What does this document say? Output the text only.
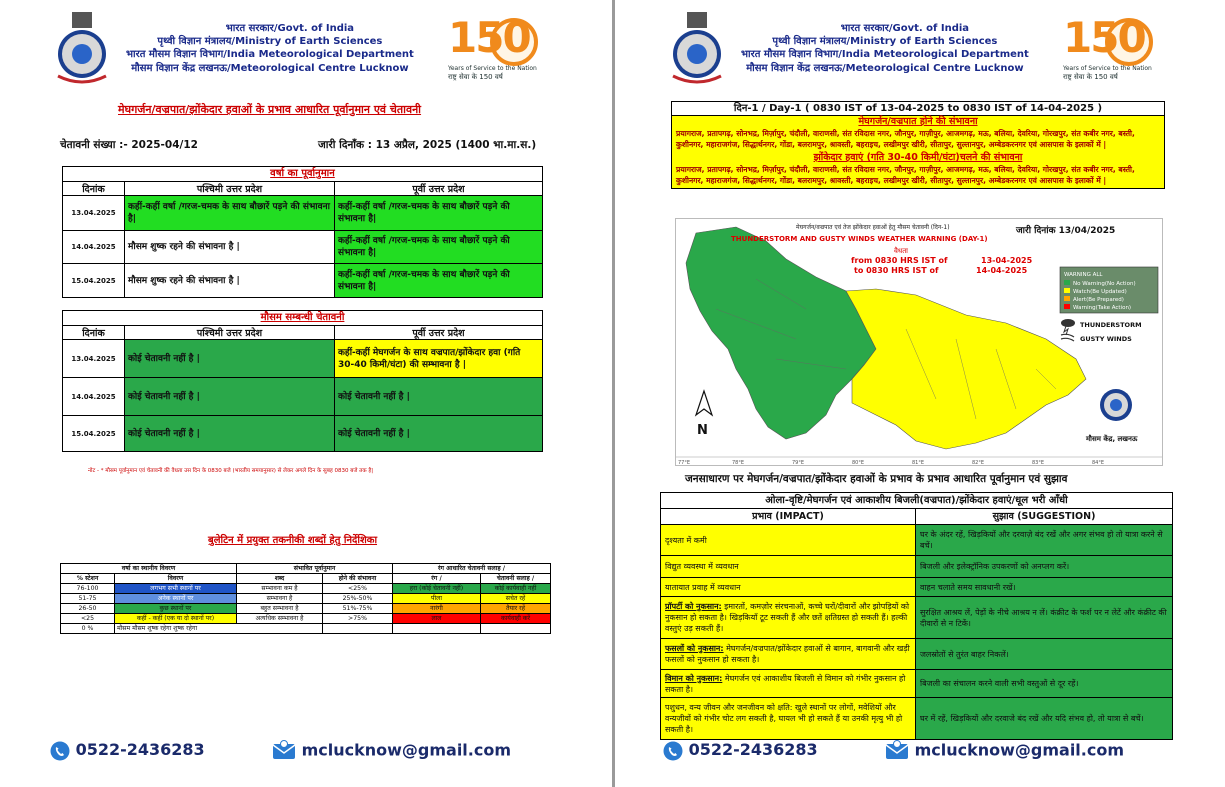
भारत सरकार/Govt. of India
पृथ्वी विज्ञान मंत्रालय/Ministry of Earth Sciences
भारत मौसम विज्ञान विभाग/India Meteorological Department
मौसम विज्ञान केंद्र लखनऊ/Meteorological Centre Lucknow
150
Years of Service to the Nation
राष्ट्र सेवा के 150 वर्ष
मेघगर्जन/वज्रपात/झोंकेदार हवाओं के प्रभाव आधारित पूर्वानुमान एवं चेतावनी
चेतावनी संख्या :- 2025-04/12	जारी दिनाँक : 13 अप्रैल, 2025 (1400 भा.मा.स.)
वर्षा का पूर्वानुमान
दिनांक	पश्चिमी उत्तर प्रदेश	पूर्वी उत्तर प्रदेश
13.04.2025	कहीं-कहीं वर्षा /गरज-चमक के साथ बौछारें पड़ने की संभावना है|	कहीं-कहीं वर्षा /गरज-चमक के साथ बौछारें पड़ने की संभावना है|
14.04.2025	मौसम शुष्क रहने की संभावना है |	कहीं-कहीं वर्षा /गरज-चमक के साथ बौछारें पड़ने की संभावना है|
15.04.2025	मौसम शुष्क रहने की संभावना है |	कहीं-कहीं वर्षा /गरज-चमक के साथ बौछारें पड़ने की संभावना है|
मौसम सम्बन्धी चेतावनी
दिनांक	पश्चिमी उत्तर प्रदेश	पूर्वी उत्तर प्रदेश
13.04.2025	कोई चेतावनी नहीं है |	कहीं-कहीं मेघगर्जन के साथ वज्रपात/झोंकेदार हवा (गति 30-40 किमी/घंटा) की सम्भावना है |
14.04.2025	कोई चेतावनी नहीं है |	कोई चेतावनी नहीं है |
15.04.2025	कोई चेतावनी नहीं है |	कोई चेतावनी नहीं है |
नोट - * मौसम पूर्वानुमान एवं चेतावनी की वैधता उस दिन के 0830 बजे (भारतीय समयानुसार) से लेकर अगले दिन के सुबह 0830 बजे तक है|
बुलेटिन में प्रयुक्त तकनीकी शब्दों हेतु निर्देशिका
वर्षा का स्थानीय विवरण		संभावित पूर्वानुमान		रंग आधारित चेतावनी सलाह /	
% स्टेशन	विवरण	शब्द	होने की संभावना	रंग /	चेतावनी सलाह /
76-100	लगभग सभी स्थानों पर	सम्भावना कम है	<25%	हरा (कोई चेतावनी नहीं)	कोई कार्यवाही नहीं
51-75	अनेक स्थानों पर	सम्भावना है	25%-50%	पीला	सचेत रहें
26-50	कुछ स्थानों पर	बहुत सम्भावना है	51%-75%	नारंगी	तैयार रहें
<25	कहीं - कहीं (एक या दो स्थानों पर)	अत्यधिक सम्भावना है	>75%	लाल	कार्यवाही करें
0 %	मौसम मौसम शुष्क रहेगा शुष्क रहेगा				
0522-2436283	mclucknow@gmail.com
भारत सरकार/Govt. of India
पृथ्वी विज्ञान मंत्रालय/Ministry of Earth Sciences
भारत मौसम विज्ञान विभाग/India Meteorological Department
मौसम विज्ञान केंद्र लखनऊ/Meteorological Centre Lucknow
150
Years of Service to the Nation
राष्ट्र सेवा के 150 वर्ष
दिन-1 / Day-1 ( 0830 IST of 13-04-2025 to 0830 IST of 14-04-2025 )
मेघगर्जन/वज्रपात होने की संभावना
प्रयागराज, प्रतापगढ़, सोनभद्र, मिर्ज़ापुर, चंदौली, वाराणसी, संत रविदास नगर, जौनपुर, गाज़ीपुर, आजमगढ़, मऊ, बलिया, देवरिया, गोरखपुर, संत कबीर नगर, बस्ती, कुशीनगर, महाराजगंज, सिद्धार्थनगर, गोंडा, बलरामपुर, श्रावस्ती, बहराइच, लखीमपुर खीरी, सीतापुर, सुल्तानपुर, अम्बेडकरनगर एवं आसपास के इलाकों में |
झोंकेदार हवाएं (गति 30-40 किमी/घंटा)चलने की संभावना
प्रयागराज, प्रतापगढ़, सोनभद्र, मिर्ज़ापुर, चंदौली, वाराणसी, संत रविदास नगर, जौनपुर, गाज़ीपुर, आजमगढ़, मऊ, बलिया, देवरिया, गोरखपुर, संत कबीर नगर, बस्ती, कुशीनगर, महाराजगंज, सिद्धार्थनगर, गोंडा, बलरामपुर, श्रावस्ती, बहराइच, लखीमपुर खीरी, सीतापुर, सुल्तानपुर, अम्बेडकरनगर एवं आसपास के इलाकों में |
मेघगर्जन/वज्रपात एवं तेज झोंकेदार हवाओं हेतु मौसम चेतावनी (दिन-1)	जारी दिनांक 13/04/2025
THUNDERSTORM AND GUSTY WINDS WEATHER WARNING (DAY-1)
वैधता
from 0830 HRS IST of	13-04-2025
to 0830 HRS IST of	14-04-2025	WARNING ALL
No Warning(No Action)
Watch(Be Updated)
Alert(Be Prepared)
Warning(Take Action)
THUNDERSTORM
GUSTY WINDS
N
मौसम केंद्र, लखनऊ
77°E	78°E	79°E	80°E	81°E	82°E	83°E	84°E
जनसाधारण पर मेघगर्जन/वज्रपात/झोंकेदार हवाओं के प्रभाव के प्रभाव आधारित पूर्वानुमान एवं सुझाव
ओला-वृष्टि/मेघगर्जन एवं आकाशीय बिजली(वज्रपात)/झोंकेदार हवाएं/धूल भरी आँधी	
प्रभाव (IMPACT)	सुझाव (SUGGESTION)
दृश्यता में कमी	घर के अंदर रहें, खिड़कियों और दरवाज़े बंद रखें और अगर संभव हो तो यात्रा करने से बचें।
विद्युत व्यवस्था में व्यवधान	बिजली और इलेक्ट्रॉनिक उपकरणों को अनप्लग करें।
यातायात प्रवाह में व्यवधान	वाहन चलाते समय सावधानी रखें।
प्रॉपर्टी को नुकसान: इमारतों, कमज़ोर संरचनाओं, कच्चे घरों/दीवारों और झोपड़ियों को नुकसान हो सकता है। खिड़कियाँ टूट सकती हैं और छतें क्षतिग्रस्त हो सकती हैं। हल्की वस्तुएं उड़ सकती हैं।	सुरक्षित आश्रय लें, पेड़ों के नीचे आश्रय न लें। कंक्रीट के फर्श पर न लेटें और कंक्रीट की दीवारों से न टिकें।
फसलों को नुकसान: मेघगर्जन/वज्रपात/झोंकेदार हवाओं से बागान, बागवानी और खड़ी फसलों को नुकसान हो सकता है।	जलस्रोतों से तुरंत बाहर निकलें।
विमान को नुकसान: मेघगर्जन एवं आकाशीय बिजली से विमान को गंभीर नुकसान हो सकता है।	बिजली का संचालन करने वाली सभी वस्तुओं से दूर रहें।
पशुधन, वन्य जीवन और जनजीवन को क्षति: खुले स्थानों पर लोगों, मवेशियों और वन्यजीवों को गंभीर चोट लग सकती है, घायल भी हो सकते हैं या उनकी मृत्यु भी हो सकती है।	घर में रहें, खिड़कियों और दरवाजे बंद रखें और यदि संभव हो, तो यात्रा से बचें।
0522-2436283	mclucknow@gmail.com
